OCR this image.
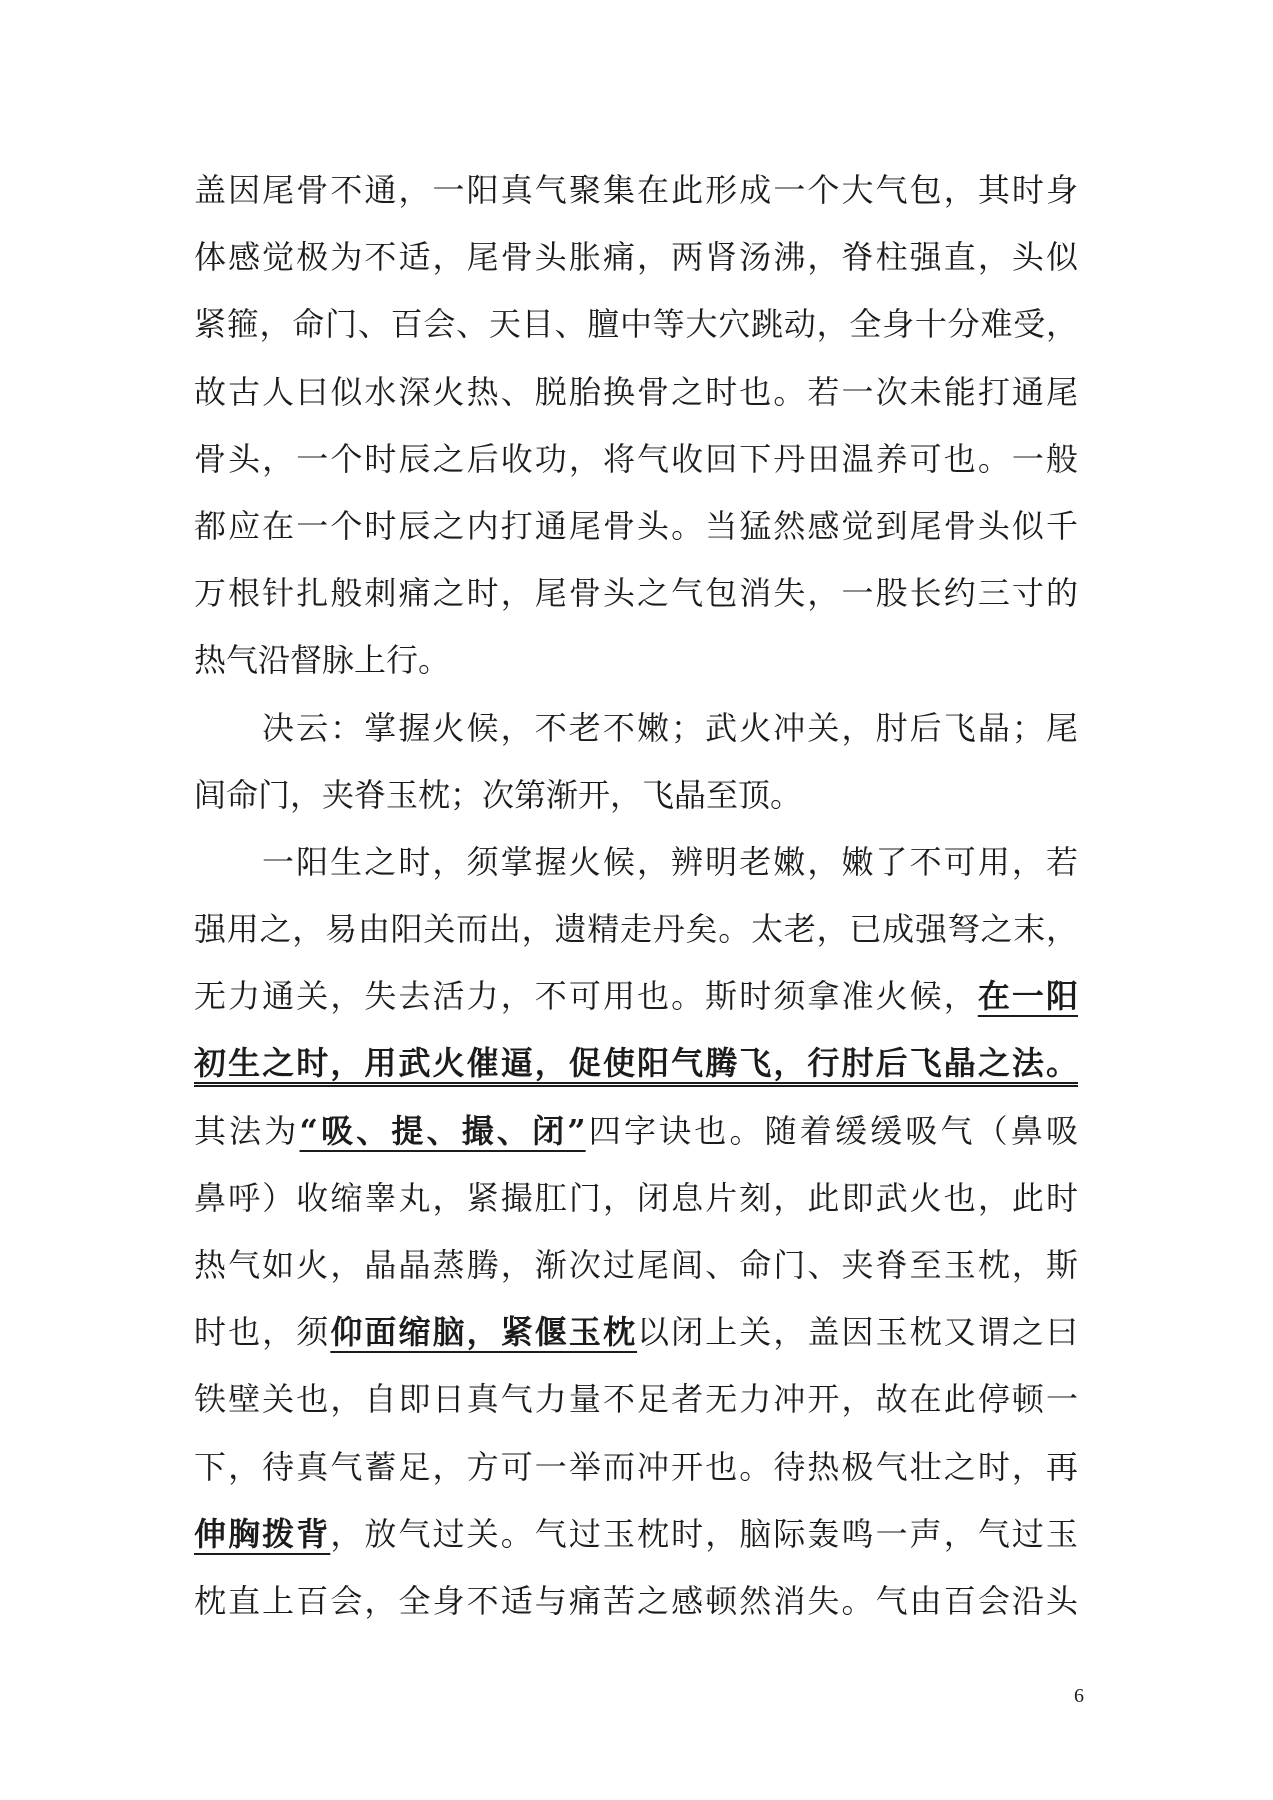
盖因尾骨不通，一阳真气聚集在此形成一个大气包，其时身
体感觉极为不适，尾骨头胀痛，两肾汤沸，脊柱强直，头似
紧箍，命门、百会、天目、膻中等大穴跳动，全身十分难受，
故古人曰似水深火热、脱胎换骨之时也。若一次未能打通尾
骨头，一个时辰之后收功，将气收回下丹田温养可也。一般
都应在一个时辰之内打通尾骨头。当猛然感觉到尾骨头似千
万根针扎般刺痛之时，尾骨头之气包消失，一股长约三寸的
热气沿督脉上行。
决云：掌握火候，不老不嫩；武火冲关，肘后飞晶；尾
闾命门，夹脊玉枕；次第渐开，飞晶至顶。
一阳生之时，须掌握火候，辨明老嫩，嫩了不可用，若
强用之，易由阳关而出，遗精走丹矣。太老，已成强弩之末，
无力通关，失去活力，不可用也。斯时须拿准火候，在一阳
初生之时，用武火催逼，促使阳气腾飞，行肘后飞晶之法。
其法为“吸、提、撮、闭”四字诀也。随着缓缓吸气（鼻吸
鼻呼）收缩睾丸，紧撮肛门，闭息片刻，此即武火也，此时
热气如火，晶晶蒸腾，渐次过尾闾、命门、夹脊至玉枕，斯
时也，须仰面缩脑，紧偃玉枕以闭上关，盖因玉枕又谓之曰
铁壁关也，自即日真气力量不足者无力冲开，故在此停顿一
下，待真气蓄足，方可一举而冲开也。待热极气壮之时，再
伸胸拨背，放气过关。气过玉枕时，脑际轰鸣一声，气过玉
枕直上百会，全身不适与痛苦之感顿然消失。气由百会沿头
6
